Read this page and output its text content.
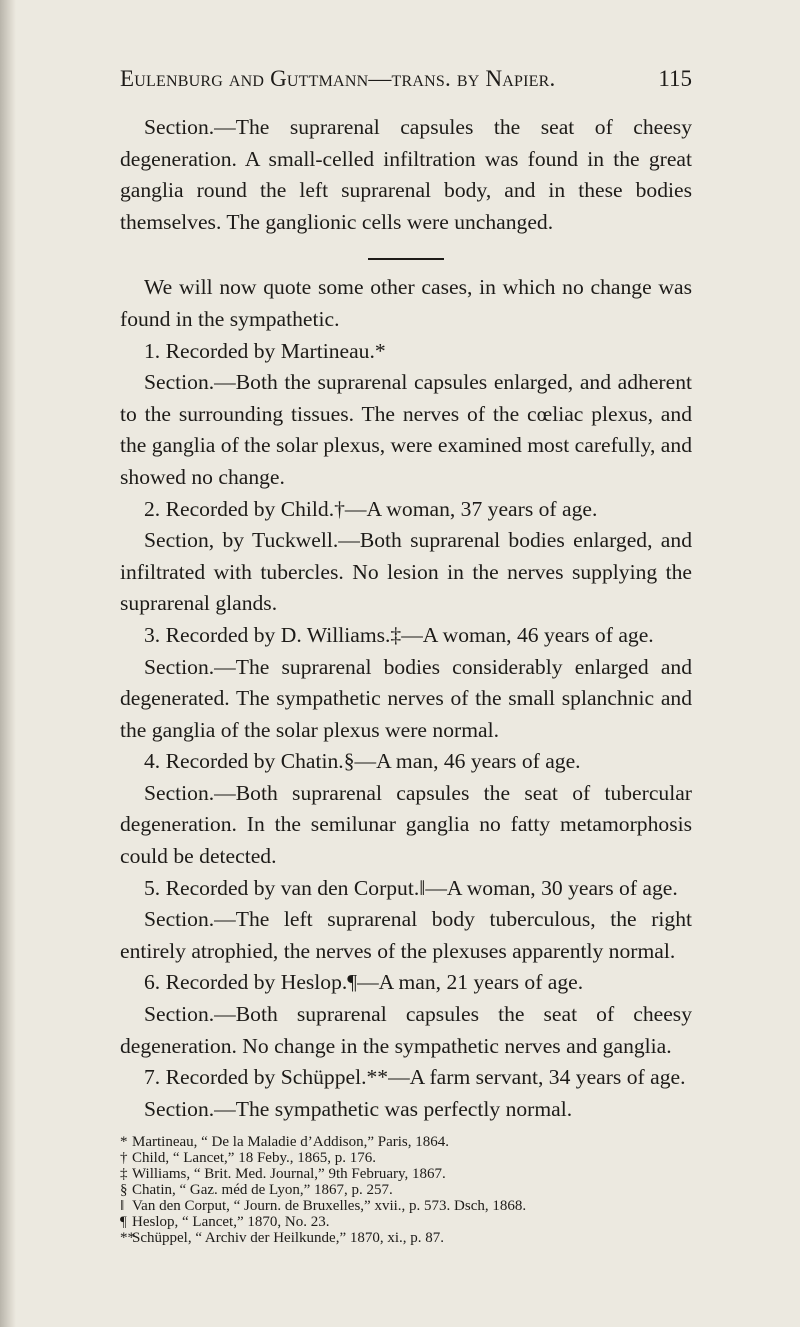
Eulenburg and Guttmann—trans. by Napier.	115

Section.—The suprarenal capsules the seat of cheesy degeneration. A small-celled infiltration was found in the great ganglia round the left suprarenal body, and in these bodies themselves. The ganglionic cells were unchanged.

We will now quote some other cases, in which no change was found in the sympathetic.

1. Recorded by Martineau.*

Section.—Both the suprarenal capsules enlarged, and adherent to the surrounding tissues. The nerves of the cœliac plexus, and the ganglia of the solar plexus, were examined most carefully, and showed no change.

2. Recorded by Child.†—A woman, 37 years of age.

Section, by Tuckwell.—Both suprarenal bodies enlarged, and infiltrated with tubercles. No lesion in the nerves supplying the suprarenal glands.

3. Recorded by D. Williams.‡—A woman, 46 years of age.

Section.—The suprarenal bodies considerably enlarged and degenerated. The sympathetic nerves of the small splanchnic and the ganglia of the solar plexus were normal.

4. Recorded by Chatin.§—A man, 46 years of age.

Section.—Both suprarenal capsules the seat of tubercular degeneration. In the semilunar ganglia no fatty metamorphosis could be detected.

5. Recorded by van den Corput.‖—A woman, 30 years of age.

Section.—The left suprarenal body tuberculous, the right entirely atrophied, the nerves of the plexuses apparently normal.

6. Recorded by Heslop.¶—A man, 21 years of age.

Section.—Both suprarenal capsules the seat of cheesy degeneration. No change in the sympathetic nerves and ganglia.

7. Recorded by Schüppel.**—A farm servant, 34 years of age.

Section.—The sympathetic was perfectly normal.

* Martineau, “ De la Maladie d’Addison,” Paris, 1864.
† Child, “ Lancet,” 18 Feby., 1865, p. 176.
‡ Williams, “ Brit. Med. Journal,” 9th February, 1867.
§ Chatin, “ Gaz. méd de Lyon,” 1867, p. 257.
‖ Van den Corput, “ Journ. de Bruxelles,” xvii., p. 573. Dsch, 1868.
¶ Heslop, “ Lancet,” 1870, No. 23.
**Schüppel, “ Archiv der Heilkunde,” 1870, xi., p. 87.
